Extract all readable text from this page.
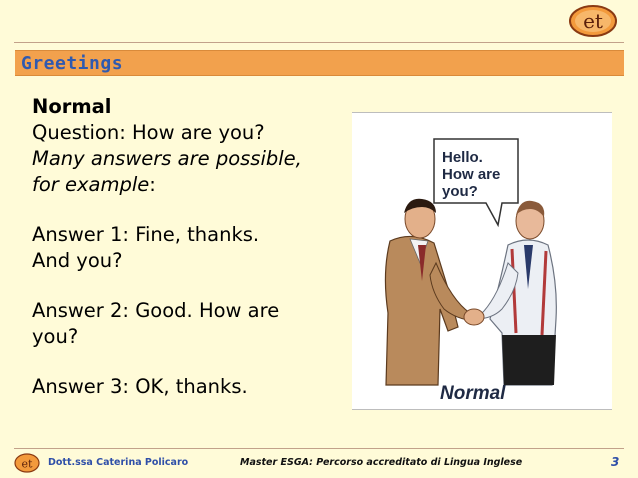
et
Greetings
Normal
Question: How are you?
Many answers are possible,
for example:
Answer 1: Fine, thanks.
And you?
Answer 2: Good. How are
you?
Answer 3: OK, thanks.
Hello.
How are
you?
Normal
et Dott.ssa Caterina Policaro	Master ESGA: Percorso accreditato di Lingua Inglese	3
